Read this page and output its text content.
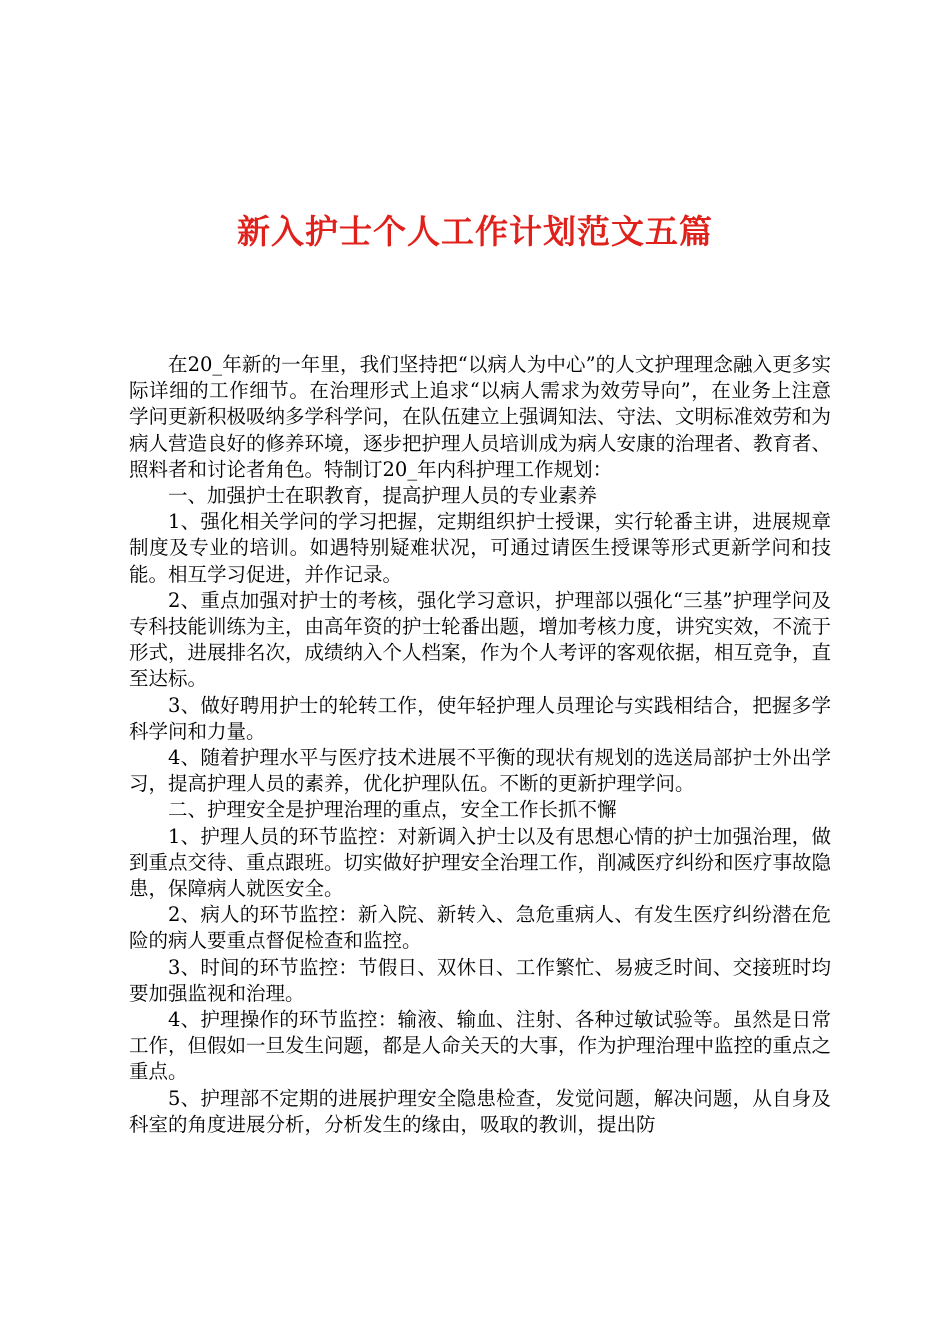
新入护士个人工作计划范文五篇

在20_年新的一年里，我们坚持把“以病人为中心”的人文护理理念融入更多实际详细的工作细节。在治理形式上追求“以病人需求为效劳导向”，在业务上注意学问更新积极吸纳多学科学问，在队伍建立上强调知法、守法、文明标准效劳和为病人营造良好的修养环境，逐步把护理人员培训成为病人安康的治理者、教育者、照料者和讨论者角色。特制订20_年内科护理工作规划：

一、加强护士在职教育，提高护理人员的专业素养

1、强化相关学问的学习把握，定期组织护士授课，实行轮番主讲，进展规章制度及专业的培训。如遇特别疑难状况，可通过请医生授课等形式更新学问和技能。相互学习促进，并作记录。

2、重点加强对护士的考核，强化学习意识，护理部以强化“三基”护理学问及专科技能训练为主，由高年资的护士轮番出题，增加考核力度，讲究实效，不流于形式，进展排名次，成绩纳入个人档案，作为个人考评的客观依据，相互竞争，直至达标。

3、做好聘用护士的轮转工作，使年轻护理人员理论与实践相结合，把握多学科学问和力量。

4、随着护理水平与医疗技术进展不平衡的现状有规划的选送局部护士外出学习，提高护理人员的素养，优化护理队伍。不断的更新护理学问。

二、护理安全是护理治理的重点，安全工作长抓不懈

1、护理人员的环节监控：对新调入护士以及有思想心情的护士加强治理，做到重点交待、重点跟班。切实做好护理安全治理工作，削减医疗纠纷和医疗事故隐患，保障病人就医安全。

2、病人的环节监控：新入院、新转入、急危重病人、有发生医疗纠纷潜在危险的病人要重点督促检查和监控。

3、时间的环节监控：节假日、双休日、工作繁忙、易疲乏时间、交接班时均要加强监视和治理。

4、护理操作的环节监控：输液、输血、注射、各种过敏试验等。虽然是日常工作，但假如一旦发生问题，都是人命关天的大事，作为护理治理中监控的重点之重点。

5、护理部不定期的进展护理安全隐患检查，发觉问题，解决问题，从自身及科室的角度进展分析，分析发生的缘由，吸取的教训，提出防
